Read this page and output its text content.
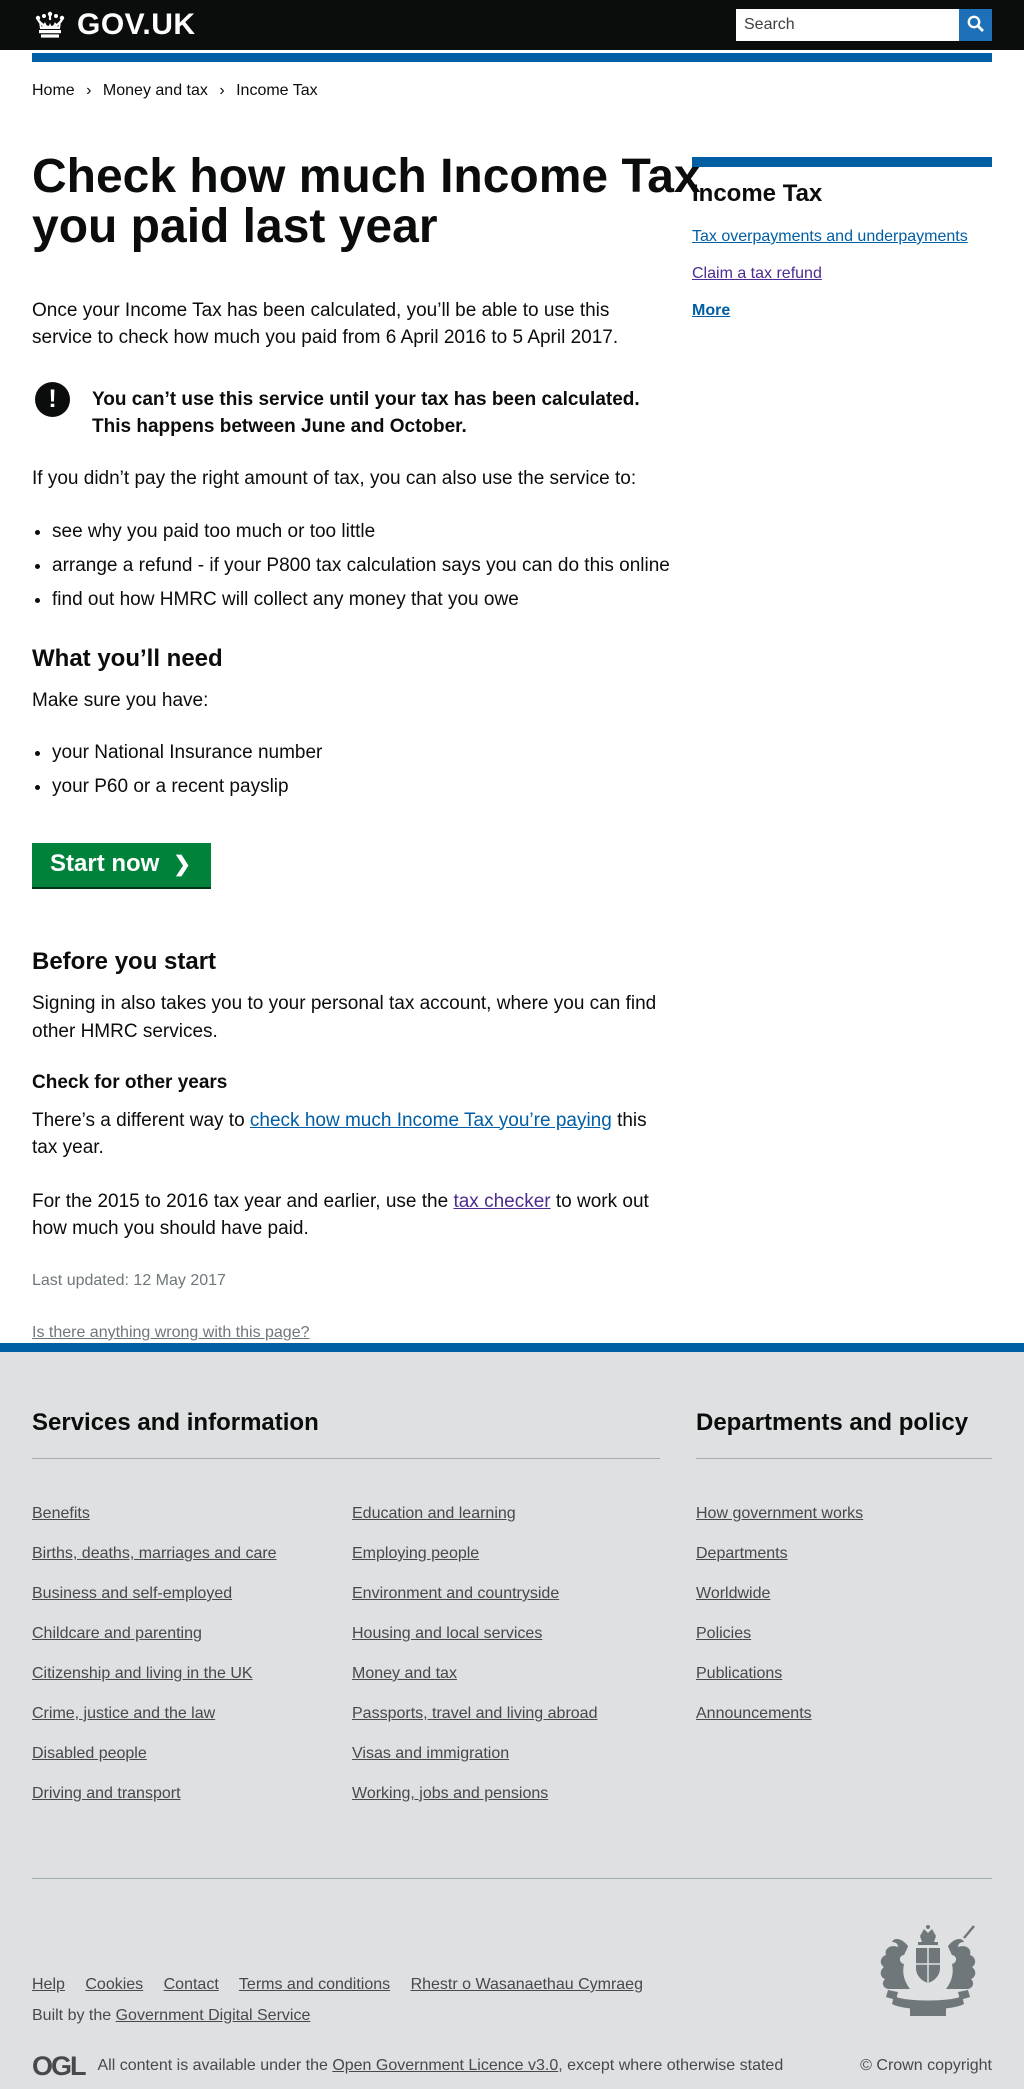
GOV.UK
Search
Home › Money and tax › Income Tax
Check how much Income Tax you paid last year

Once your Income Tax has been calculated, you’ll be able to use this service to check how much you paid from 6 April 2016 to 5 April 2017.

!	You can’t use this service until your tax has been calculated. This happens between June and October.

If you didn’t pay the right amount of tax, you can also use the service to:

• see why you paid too much or too little
• arrange a refund - if your P800 tax calculation says you can do this online
• find out how HMRC will collect any money that you owe
What you’ll need

Make sure you have:

• your National Insurance number
• your P60 or a recent payslip
Start now ❯
Before you start

Signing in also takes you to your personal tax account, where you can find other HMRC services.

Check for other years

There’s a different way to check how much Income Tax you’re paying this tax year.

For the 2015 to 2016 tax year and earlier, use the tax checker to work out how much you should have paid.

Last updated: 12 May 2017

Is there anything wrong with this page?
Income Tax
Tax overpayments and underpayments
Claim a tax refund
More
Services and information
Benefits
Births, deaths, marriages and care
Business and self-employed
Childcare and parenting
Citizenship and living in the UK
Crime, justice and the law
Disabled people
Driving and transport
Education and learning
Employing people
Environment and countryside
Housing and local services
Money and tax
Passports, travel and living abroad
Visas and immigration
Working, jobs and pensions
Departments and policy
How government works
Departments
Worldwide
Policies
Publications
Announcements
Help Cookies Contact Terms and conditions Rhestr o Wasanaethau Cymraeg
Built by the Government Digital Service
OGL All content is available under the Open Government Licence v3.0, except where otherwise stated	© Crown copyright
